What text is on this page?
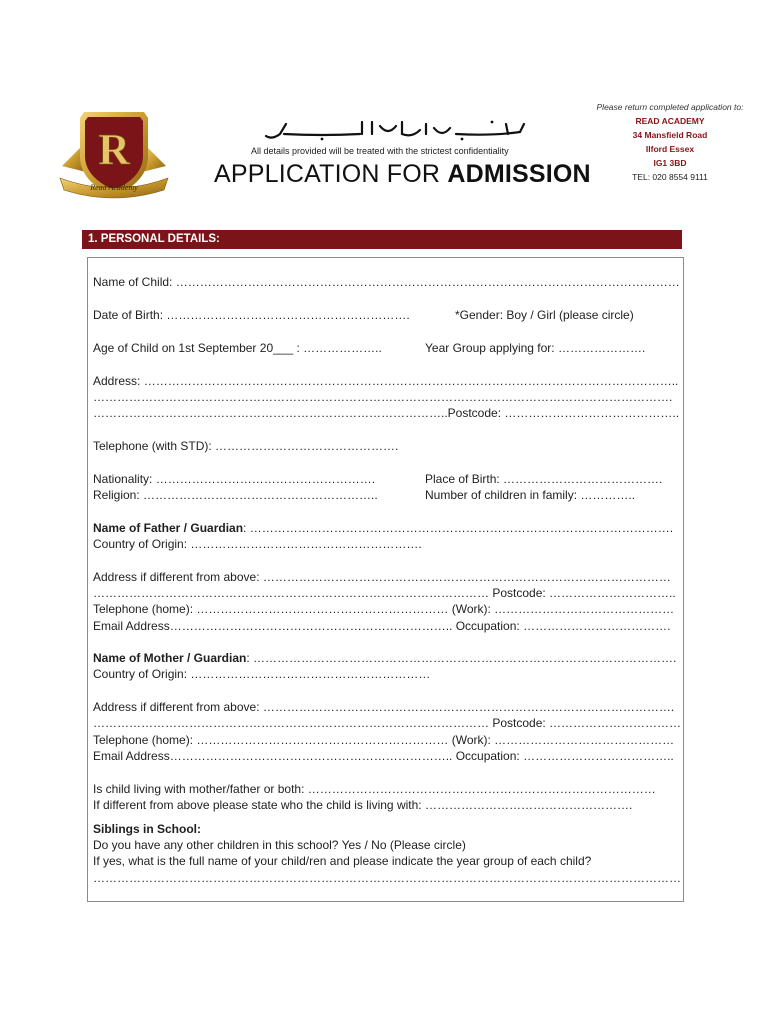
R
Read Academy
All details provided will be treated with the strictest confidentiality
APPLICATION FOR ADMISSION
Please return completed application to:
READ ACADEMY
34 Mansfield Road
Ilford Essex
IG1 3BD
TEL: 020 8554 9111
1. PERSONAL DETAILS:
Name of Child: ………………………………………………………………………………………………………………
Date of Birth: …………………………………………………….	*Gender: Boy / Girl (please circle)
Age of Child on 1st September 20___ : ………………..	Year Group applying for: ………………….
Address: ……………………………………………………………………………………………………………………..
……………………………………………………………………………………………………………………………….
……………………………………………………………………………..Postcode: ……………………………………..
Telephone (with STD): ……………………………………….
Nationality: ……………………………………………….	Place of Birth: ………………………………….
Religion: …………………………………………………..	Number of children in family: …………..
Name of Father / Guardian: …………………………………………………………………………………………….
Country of Origin: ………………………………………………….
Address if different from above: …………………………………………………………………………………………
……………………………………………………………………………………… Postcode: …………………………..
Telephone (home): ……………………………………………………… (Work): ………………………………………
Email Address…………………………………………………………….. Occupation: ……………………………….
Name of Mother / Guardian: …………………………………………………………………………………………….
Country of Origin: ……………………………………………………
Address if different from above: ………………………………………………………………………………………….
……………………………………………………………………………………… Postcode: ……………………………
Telephone (home): ……………………………………………………… (Work): ………………………………………
Email Address…………………………………………………………….. Occupation: ………………………………..
Is child living with mother/father or both: ……………………………………………………………………………
If different from above please state who the child is living with: …………………………………………….
Siblings in School:
Do you have any other children in this school? Yes / No (Please circle)
If yes, what is the full name of your child/ren and please indicate the year group of each child?
…………………………………………………………………………………………………………………………………
